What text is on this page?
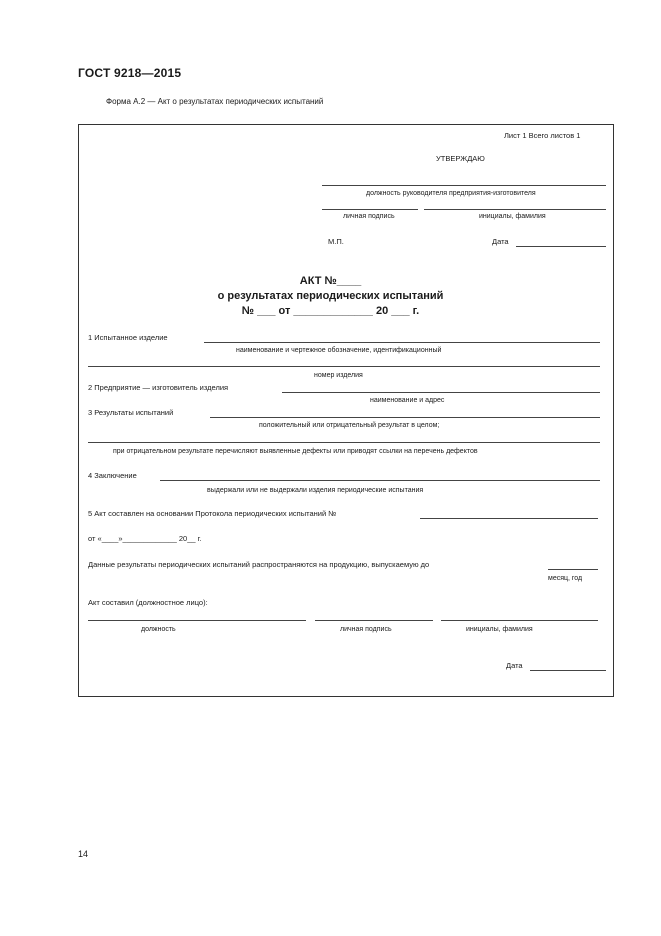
ГОСТ 9218—2015
Форма А.2 — Акт о результатах периодических испытаний
Лист 1 Всего листов 1
УТВЕРЖДАЮ
должность руководителя предприятия-изготовителя
личная подпись	инициалы, фамилия
М.П.	Дата
АКТ №____
о результатах периодических испытаний
№ ___ от _____________ 20 ___ г.
1 Испытанное изделие
наименование и чертежное обозначение, идентификационный
номер изделия
2 Предприятие — изготовитель изделия
наименование и адрес
3 Результаты испытаний
положительный или отрицательный результат в целом;
при отрицательном результате перечисляют выявленные дефекты или приводят ссылки на перечень дефектов
4 Заключение
выдержали или не выдержали изделия периодические испытания
5 Акт составлен на основании Протокола периодических испытаний №
от «____»_____________ 20__ г.
Данные результаты периодических испытаний распространяются на продукцию, выпускаемую до
месяц, год
Акт составил (должностное лицо):
должность	личная подпись	инициалы, фамилия
Дата
14
